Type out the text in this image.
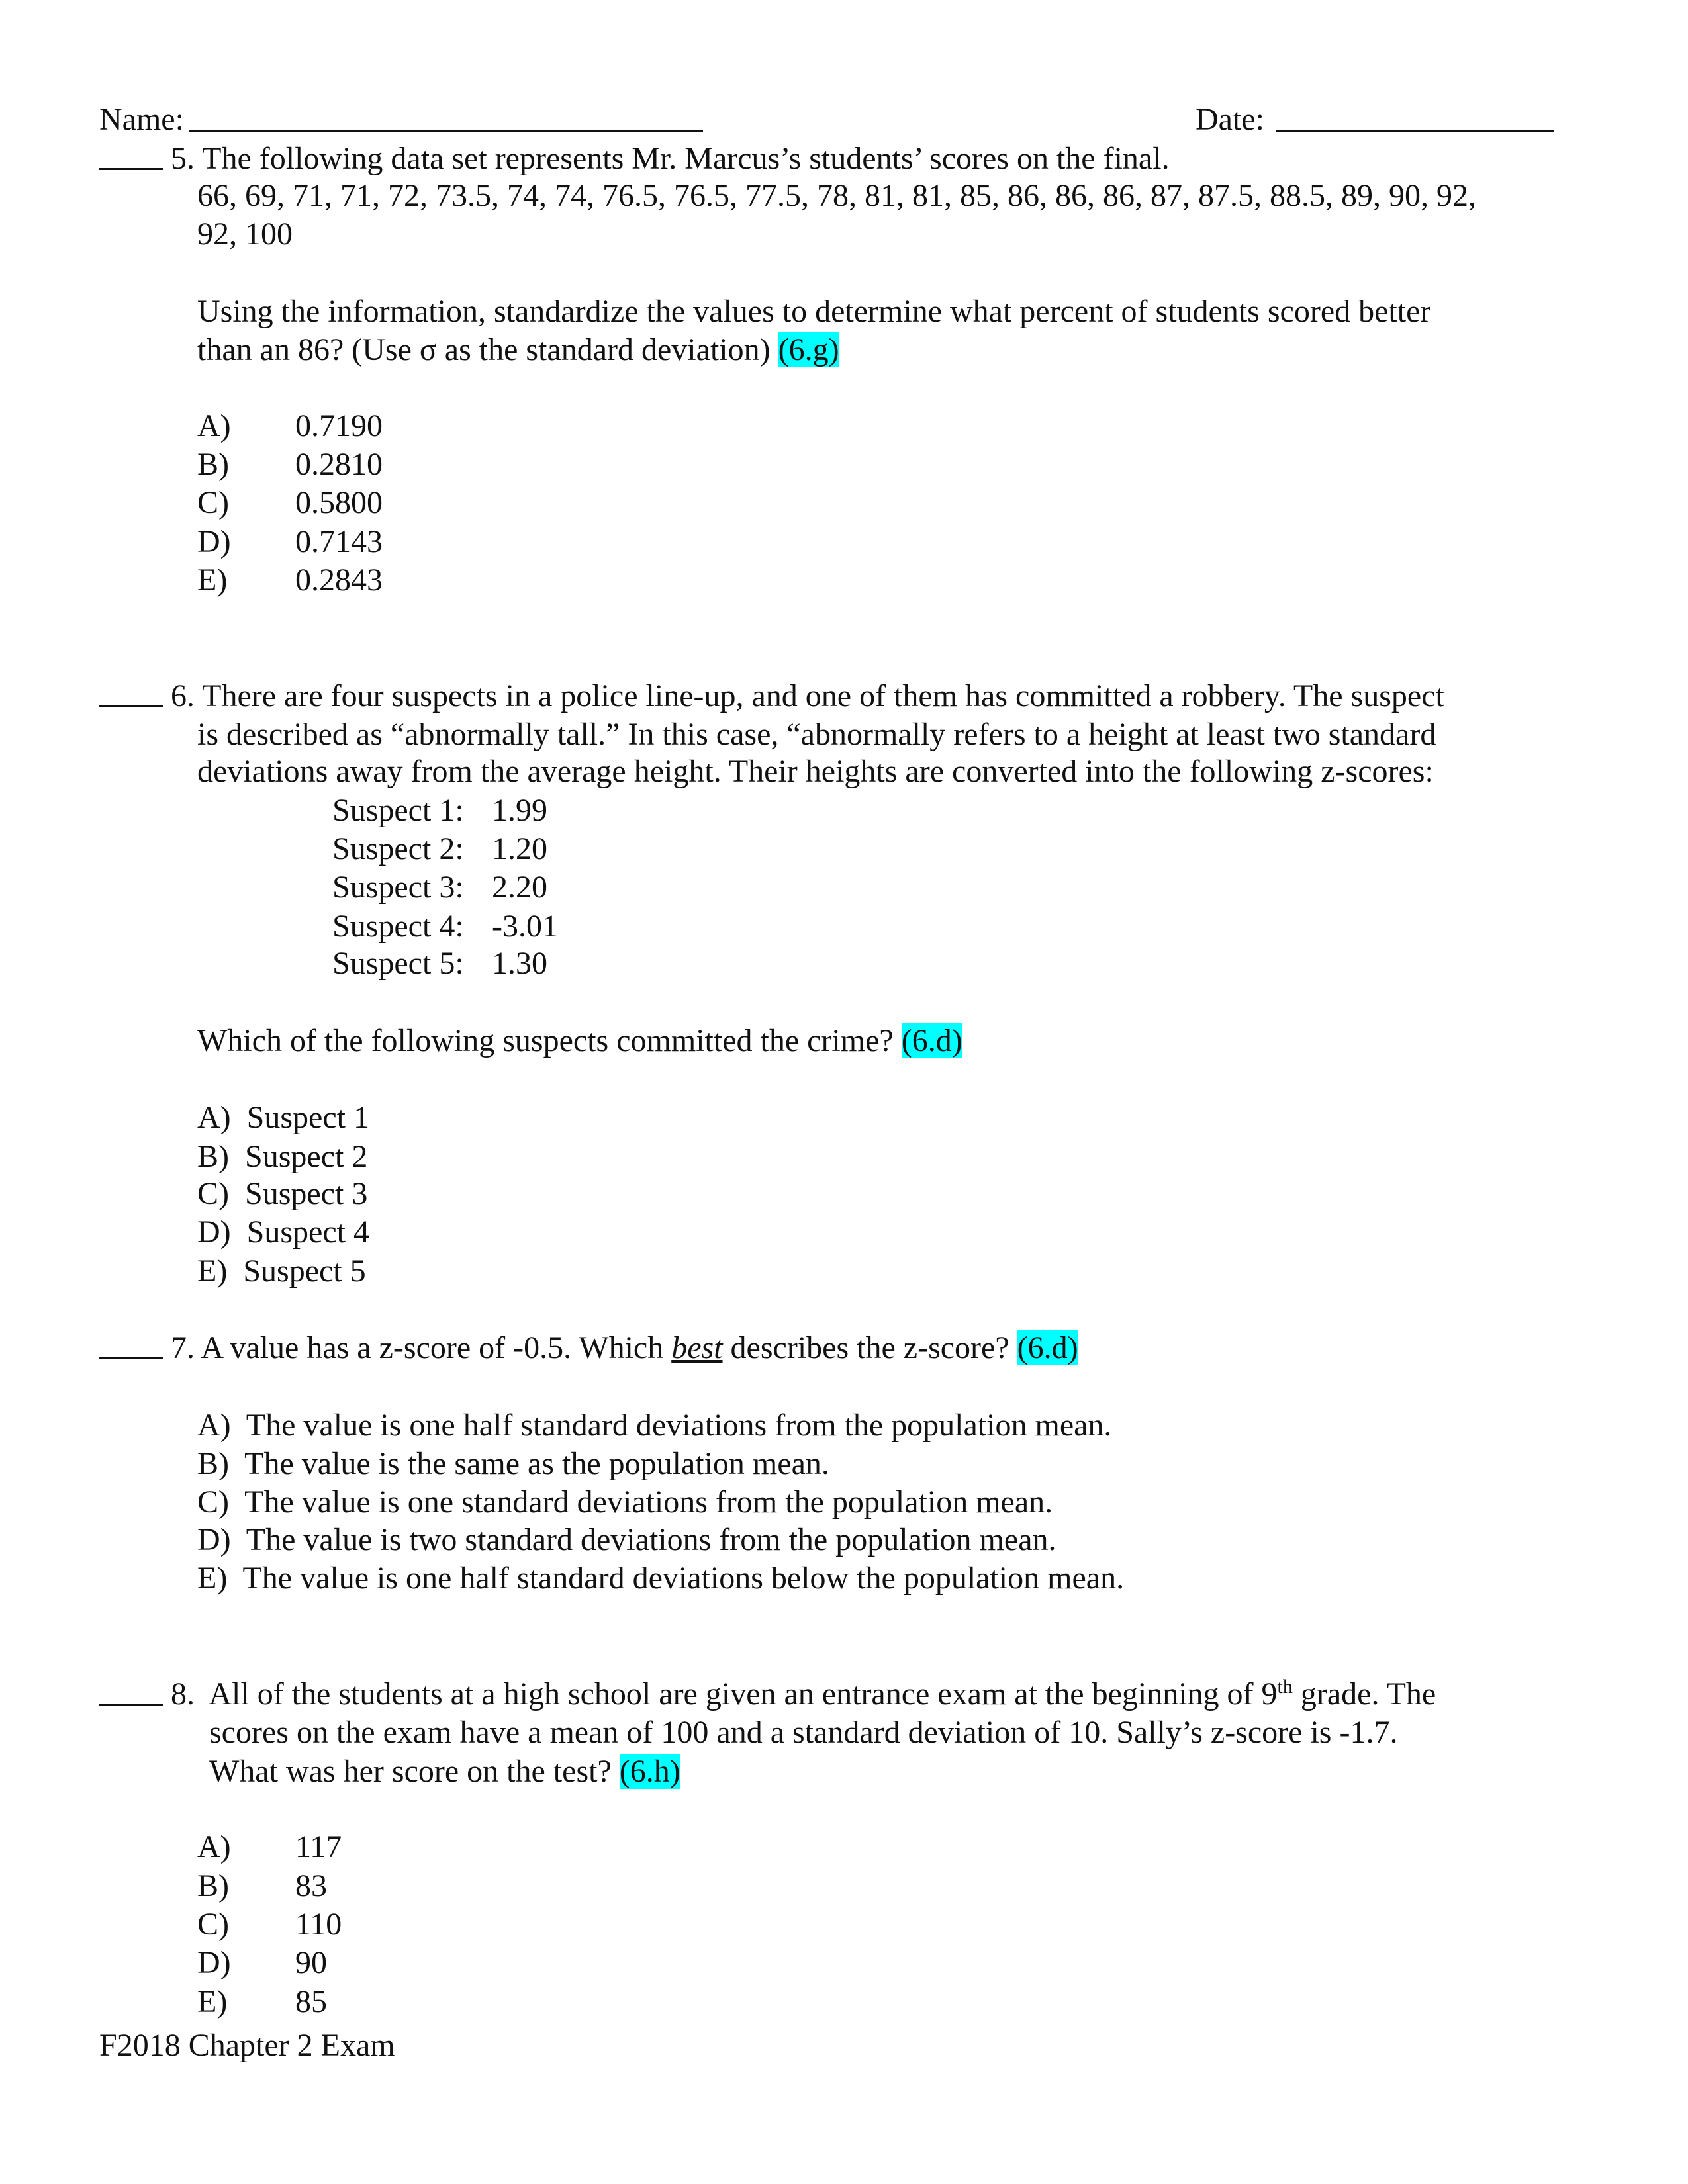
Name:	Date:
5. The following data set represents Mr. Marcus’s students’ scores on the final.
66, 69, 71, 71, 72, 73.5, 74, 74, 76.5, 76.5, 77.5, 78, 81, 81, 85, 86, 86, 86, 87, 87.5, 88.5, 89, 90, 92,
92, 100
Using the information, standardize the values to determine what percent of students scored better
than an 86? (Use σ as the standard deviation) (6.g)
A) 0.7190
B) 0.2810
C) 0.5800
D) 0.7143
E) 0.2843
6. There are four suspects in a police line-up, and one of them has committed a robbery. The suspect
is described as “abnormally tall.” In this case, “abnormally refers to a height at least two standard
deviations away from the average height. Their heights are converted into the following z-scores:
Suspect 1: 1.99
Suspect 2: 1.20
Suspect 3: 2.20
Suspect 4: -3.01
Suspect 5: 1.30
Which of the following suspects committed the crime? (6.d)
A) Suspect 1
B) Suspect 2
C) Suspect 3
D) Suspect 4
E) Suspect 5
7. A value has a z-score of -0.5. Which best describes the z-score? (6.d)
A) The value is one half standard deviations from the population mean.
B) The value is the same as the population mean.
C) The value is one standard deviations from the population mean.
D) The value is two standard deviations from the population mean.
E) The value is one half standard deviations below the population mean.
8. All of the students at a high school are given an entrance exam at the beginning of 9th grade. The
scores on the exam have a mean of 100 and a standard deviation of 10. Sally’s z-score is -1.7.
What was her score on the test? (6.h)
A) 117
B) 83
C) 110
D) 90
E) 85
F2018 Chapter 2 Exam
